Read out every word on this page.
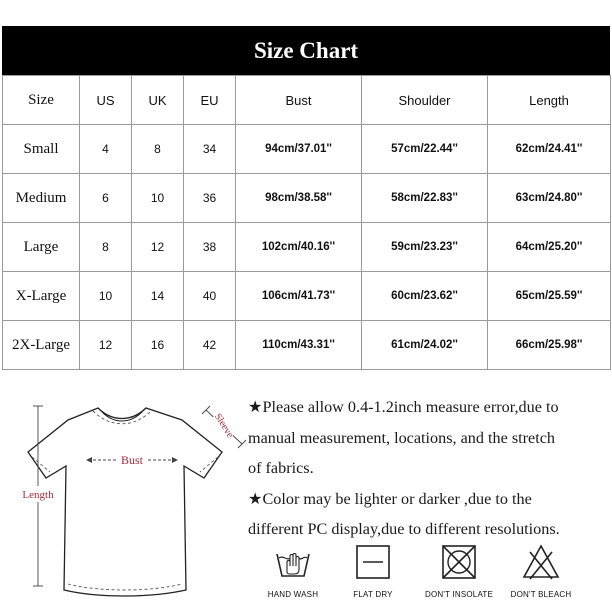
Size Chart
Size	US	UK	EU	Bust	Shoulder	Length
Small	4	8	34	94cm/37.01''	57cm/22.44''	62cm/24.41''
Medium	6	10	36	98cm/38.58''	58cm/22.83''	63cm/24.80''
Large	8	12	38	102cm/40.16''	59cm/23.23''	64cm/25.20''
X-Large	10	14	40	106cm/41.73''	60cm/23.62''	65cm/25.59''
2X-Large	12	16	42	110cm/43.31''	61cm/24.02''	66cm/25.98''
Bust
Length
Sleeve

★Please allow 0.4-1.2inch measure error,due to

manual measurement, locations, and the stretch

of fabrics.

★Color may be lighter or darker ,due to the

different PC display,due to different resolutions.

HAND WASH	FLAT DRY	DON'T INSOLATE	DON'T BLEACH
